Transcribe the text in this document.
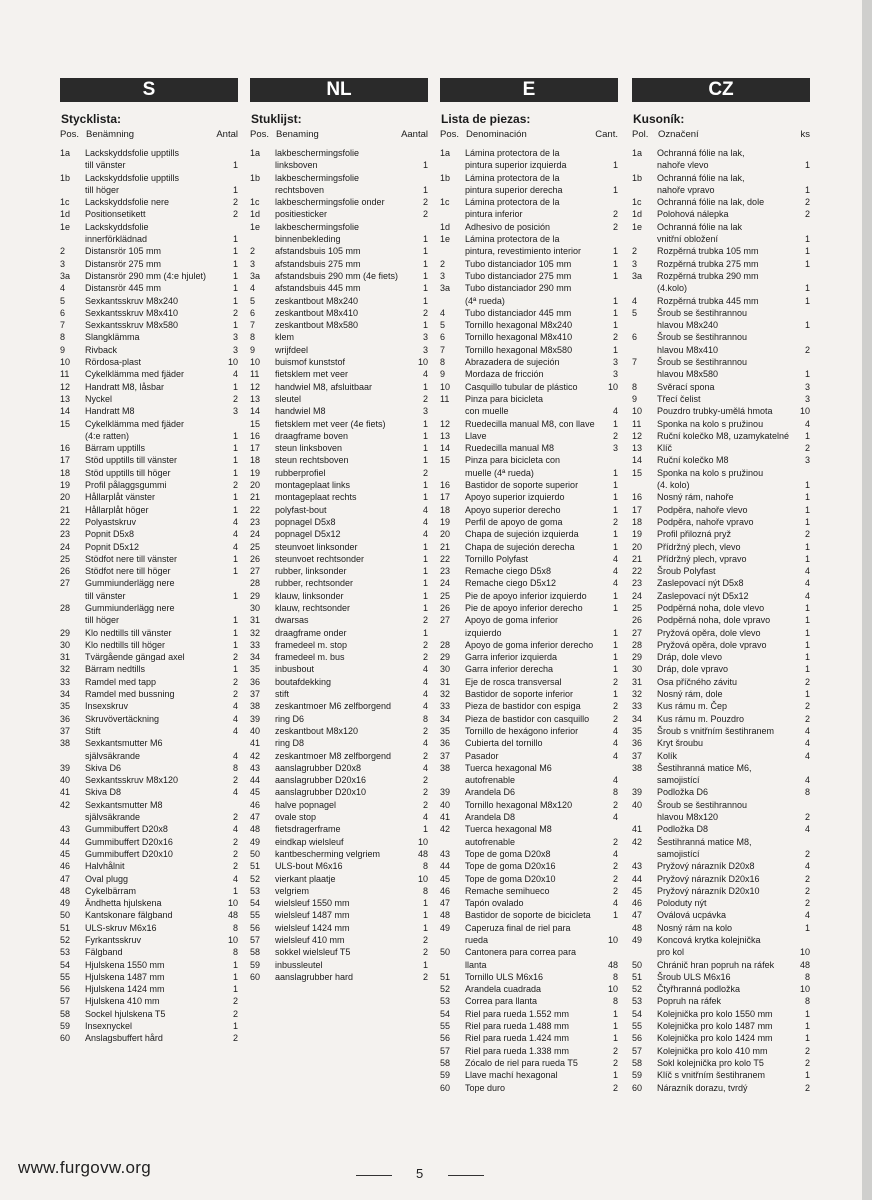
S
Stycklista:
Pos. Benämning	Antal
1a	Lackskyddsfolie upptills
till vänster	1
1b	Lackskyddsfolie upptills
till höger	1
1c	Lackskyddsfolie nere	2
1d	Positionsetikett	2
1e	Lackskyddsfolie
innerförklädnad	1
2	Distansrör 105 mm	1
3	Distansrör 275 mm	1
3a	Distansrör 290 mm (4:e hjulet)	1
4	Distansrör 445 mm	1
5	Sexkantsskruv M8x240	1
6	Sexkantsskruv M8x410	2
7	Sexkantsskruv M8x580	1
8	Slangklämma	3
9	Rivback	3
10	Rördosa-plast	10
11	Cykelklämma med fjäder	4
12	Handratt M8, låsbar	1
13	Nyckel	2
14	Handratt M8	3
15	Cykelklämma med fjäder
(4:e ratten)	1
16	Bärram upptills	1
17	Stöd upptills till vänster	1
18	Stöd upptills till höger	1
19	Profil pålaggsgummi	2
20	Hållarplåt vänster	1
21	Hållarplåt höger	1
22	Polyastskruv	4
23	Popnit D5x8	4
24	Popnit D5x12	4
25	Stödfot nere till vänster	1
26	Stödfot nere till höger	1
27	Gummiunderlägg nere
till vänster	1
28	Gummiunderlägg nere
till höger	1
29	Klo nedtills till vänster	1
30	Klo nedtills till höger	1
31	Tvärgående gängad axel	2
32	Bärram nedtills	1
33	Ramdel med tapp	2
34	Ramdel med bussning	2
35	Insexskruv	4
36	Skruvövertäckning	4
37	Stift	4
38	Sexkantsmutter M6
självsäkrande	4
39	Skiva D6	8
40	Sexkantsskruv M8x120	2
41	Skiva D8	4
42	Sexkantsmutter M8
självsäkrande	2
43	Gummibuffert D20x8	4
44	Gummibuffert D20x16	2
45	Gummibuffert D20x10	2
46	Halvhålnit	2
47	Oval plugg	4
48	Cykelbärram	1
49	Ändhetta hjulskena	10
50	Kantskonare fälgband	48
51	ULS-skruv M6x16	8
52	Fyrkantsskruv	10
53	Fälgband	8
54	Hjulskena 1550 mm	1
55	Hjulskena 1487 mm	1
56	Hjulskena 1424 mm	1
57	Hjulskena 410 mm	2
58	Sockel hjulskena T5	2
59	Insexnyckel	1
60	Anslagsbuffert hård	2
NL
Stuklijst:
Pos. Benaming	Aantal
1a	lakbeschermingsfolie
linksboven	1
1b	lakbeschermingsfolie
rechtsboven	1
1c	lakbeschermingsfolie onder	2
1d	positiesticker	2
1e	lakbeschermingsfolie
binnenbekleding	1
2	afstandsbuis 105 mm	1
3	afstandsbuis 275 mm	1
3a	afstandsbuis 290 mm (4e fiets)	1
4	afstandsbuis 445 mm	1
5	zeskantbout M8x240	1
6	zeskantbout M8x410	2
7	zeskantbout M8x580	1
8	klem	3
9	wrijfdeel	3
10	buismof kunststof	10
11	fietsklem met veer	4
12	handwiel M8, afsluitbaar	1
13	sleutel	2
14	handwiel M8	3
15	fietsklem met veer (4e fiets)	1
16	draagframe boven	1
17	steun linksboven	1
18	steun rechtsboven	1
19	rubberprofiel	2
20	montageplaat links	1
21	montageplaat rechts	1
22	polyfast-bout	4
23	popnagel D5x8	4
24	popnagel D5x12	4
25	steunvoet linksonder	1
26	steunvoet rechtsonder	1
27	rubber, linksonder	1
28	rubber, rechtsonder	1
29	klauw, linksonder	1
30	klauw, rechtsonder	1
31	dwarsas	2
32	draagframe onder	1
33	framedeel m. stop	2
34	framedeel m. bus	2
35	inbusbout	4
36	boutafdekking	4
37	stift	4
38	zeskantmoer M6 zelfborgend	4
39	ring D6	8
40	zeskantbout M8x120	2
41	ring D8	4
42	zeskantmoer M8 zelfborgend	2
43	aanslagrubber D20x8	4
44	aanslagrubber D20x16	2
45	aanslagrubber D20x10	2
46	halve popnagel	2
47	ovale stop	4
48	fietsdragerframe	1
49	eindkap wielsleuf	10
50	kantbescherming velgriem	48
51	ULS-bout M6x16	8
52	vierkant plaatje	10
53	velgriem	8
54	wielsleuf 1550 mm	1
55	wielsleuf 1487 mm	1
56	wielsleuf 1424 mm	1
57	wielsleuf 410 mm	2
58	sokkel wielsleuf T5	2
59	inbussleutel	1
60	aanslagrubber hard	2
E
Lista de piezas:
Pos. Denominación	Cant.
1a	Lámina protectora de la
pintura superior izquierda	1
1b	Lámina protectora de la
pintura superior derecha	1
1c	Lámina protectora de la
pintura inferior	2
1d	Adhesivo de posición	2
1e	Lámina protectora de la
pintura, revestimiento interior	1
2	Tubo distanciador 105 mm	1
3	Tubo distanciador 275 mm	1
3a	Tubo distanciador 290 mm
(4ª rueda)	1
4	Tubo distanciador 445 mm	1
5	Tornillo hexagonal M8x240	1
6	Tornillo hexagonal M8x410	2
7	Tornillo hexagonal M8x580	1
8	Abrazadera de sujeción	3
9	Mordaza de fricción	3
10	Casquillo tubular de plástico	10
11	Pinza para bicicleta
con muelle	4
12	Ruedecilla manual M8, con llave	1
13	Llave	2
14	Ruedecilla manual M8	3
15	Pinza para bicicleta con
muelle (4ª rueda)	1
16	Bastidor de soporte superior	1
17	Apoyo superior izquierdo	1
18	Apoyo superior derecho	1
19	Perfil de apoyo de goma	2
20	Chapa de sujeción izquierda	1
21	Chapa de sujeción derecha	1
22	Tornillo Polyfast	4
23	Remache ciego D5x8	4
24	Remache ciego D5x12	4
25	Pie de apoyo inferior izquierdo	1
26	Pie de apoyo inferior derecho	1
27	Apoyo de goma inferior
izquierdo	1
28	Apoyo de goma inferior derecho	1
29	Garra inferior izquierda	1
30	Garra inferior derecha	1
31	Eje de rosca transversal	2
32	Bastidor de soporte inferior	1
33	Pieza de bastidor con espiga	2
34	Pieza de bastidor con casquillo	2
35	Tornillo de hexágono inferior	4
36	Cubierta del tornillo	4
37	Pasador	4
38	Tuerca hexagonal M6
autofrenable	4
39	Arandela D6	8
40	Tornillo hexagonal M8x120	2
41	Arandela D8	4
42	Tuerca hexagonal M8
autofrenable	2
43	Tope de goma D20x8	4
44	Tope de goma D20x16	2
45	Tope de goma D20x10	2
46	Remache semihueco	2
47	Tapón ovalado	4
48	Bastidor de soporte de bicicleta	1
49	Caperuza final de riel para
rueda	10
50	Cantonera para correa para
llanta	48
51	Tornillo ULS M6x16	8
52	Arandela cuadrada	10
53	Correa para llanta	8
54	Riel para rueda 1.552 mm	1
55	Riel para rueda 1.488 mm	1
56	Riel para rueda 1.424 mm	1
57	Riel para rueda 1.338 mm	2
58	Zócalo de riel para rueda T5	2
59	Llave machí hexagonal	1
60	Tope duro	2
CZ
Kusoník:
Pol. Označení	ks
1a	Ochranná fólie na lak,
nahoře vlevo	1
1b	Ochranná fólie na lak,
nahoře vpravo	1
1c	Ochranná fólie na lak, dole	2
1d	Polohová nálepka	2
1e	Ochranná fólie na lak
vnitřní obložení	1
2	Rozpěrná trubka 105 mm	1
3	Rozpěrná trubka 275 mm	1
3a	Rozpěrná trubka 290 mm
(4.kolo)	1
4	Rozpěrná trubka 445 mm	1
5	Šroub se šestihrannou
hlavou M8x240	1
6	Šroub se šestihrannou
hlavou M8x410	2
7	Šroub se šestihrannou
hlavou M8x580	1
8	Svěrací spona	3
9	Třecí čelist	3
10	Pouzdro trubky-umělá hmota	10
11	Sponka na kolo s pružinou	4
12	Ruční kolečko M8, uzamykatelné	1
13	Klíč	2
14	Ruční kolečko M8	3
15	Sponka na kolo s pružinou
(4. kolo)	1
16	Nosný rám, nahoře	1
17	Podpěra, nahoře vlevo	1
18	Podpěra, nahoře vpravo	1
19	Profil přilozná pryž	2
20	Přídržný plech, vlevo	1
21	Přídržný plech, vpravo	1
22	Šroub Polyfast	4
23	Zaslepovací nýt D5x8	4
24	Zaslepovací nýt D5x12	4
25	Podpěrná noha, dole vlevo	1
26	Podpěrná noha, dole vpravo	1
27	Pryžová opěra, dole vlevo	1
28	Pryžová opěra, dole vpravo	1
29	Dráp, dole vlevo	1
30	Dráp, dole vpravo	1
31	Osa příčného závitu	2
32	Nosný rám, dole	1
33	Kus rámu m. Čep	2
34	Kus rámu m. Pouzdro	2
35	Šroub s vnitřním šestihranem	4
36	Kryt šroubu	4
37	Kolík	4
38	Šestihranná matice M6,
samojistící	4
39	Podložka D6	8
40	Šroub se šestihrannou
hlavou M8x120	2
41	Podložka D8	4
42	Šestihranná matice M8,
samojistící	2
43	Pryžový nárazník D20x8	4
44	Pryžový nárazník D20x16	2
45	Pryžový nárazník D20x10	2
46	Poloduty nýt	2
47	Oválová ucpávka	4
48	Nosný rám na kolo	1
49	Koncová krytka kolejnička
pro kol	10
50	Chránič hran popruh na ráfek	48
51	Šroub ULS M6x16	8
52	Čtyřhranná podložka	10
53	Popruh na ráfek	8
54	Kolejnička pro kolo 1550 mm	1
55	Kolejnička pro kolo 1487 mm	1
56	Kolejnička pro kolo 1424 mm	1
57	Kolejnička pro kolo 410 mm	2
58	Sokl kolejnička pro kolo T5	2
59	Klíč s vnitřním šestihranem	1
60	Nárazník dorazu, tvrdý	2
www.furgovw.org	5
